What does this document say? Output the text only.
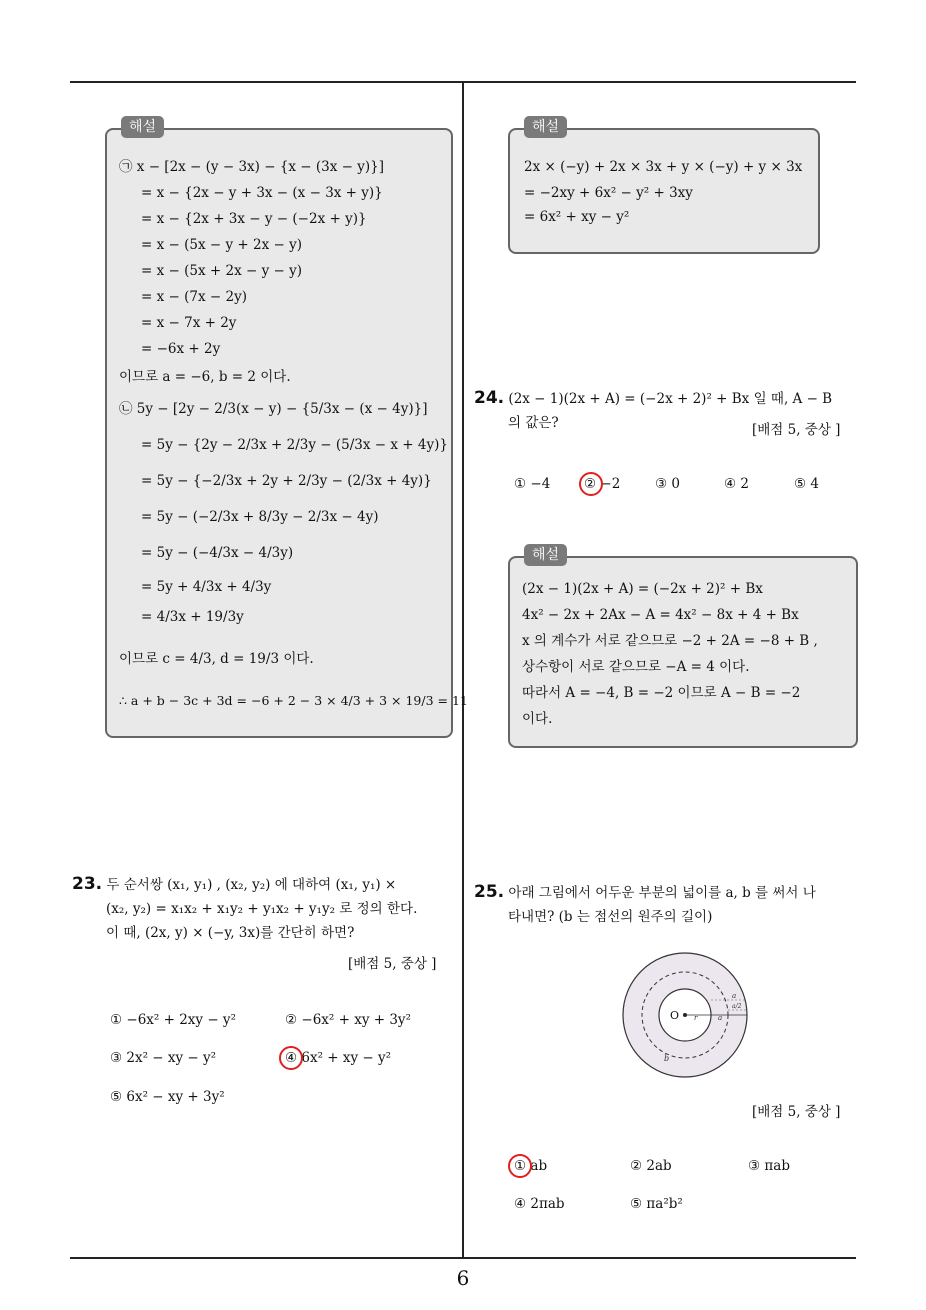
6
해설
㉠ x − [2x − (y − 3x) − {x − (3x − y)}]
= x − {2x − y + 3x − (x − 3x + y)}
= x − {2x + 3x − y − (−2x + y)}
= x − (5x − y + 2x − y)
= x − (5x + 2x − y − y)
= x − (7x − 2y)
= x − 7x + 2y
= −6x + 2y
이므로 a = −6, b = 2 이다.
㉡ 5y − [2y − 2/3(x − y) − {5/3x − (x − 4y)}]
= 5y − {2y − 2/3x + 2/3y − (5/3x − x + 4y)}
= 5y − {−2/3x + 2y + 2/3y − (2/3x + 4y)}
= 5y − (−2/3x + 8/3y − 2/3x − 4y)
= 5y − (−4/3x − 4/3y)
= 5y + 4/3x + 4/3y
= 4/3x + 19/3y
이므로 c = 4/3, d = 19/3 이다.
∴ a + b − 3c + 3d = −6 + 2 − 3 × 4/3 + 3 × 19/3 = 11
해설
2x × (−y) + 2x × 3x + y × (−y) + y × 3x
= −2xy + 6x² − y² + 3xy
= 6x² + xy − y²
24. (2x − 1)(2x + A) = (−2x + 2)² + Bx 일 때, A − B
의 값은?	[배점 5, 중상 ]
① −4 ② −2	③ 0	④ 2	⑤ 4
해설
(2x − 1)(2x + A) = (−2x + 2)² + Bx
4x² − 2x + 2Ax − A = 4x² − 8x + 4 + Bx
x 의 계수가 서로 같으므로 −2 + 2A = −8 + B ,
상수항이 서로 같으므로 −A = 4 이다.
따라서 A = −4, B = −2 이므로 A − B = −2
이다.
23. 두 순서쌍 (x₁, y₁) , (x₂, y₂) 에 대하여 (x₁, y₁) ×
(x₂, y₂) = x₁x₂ + x₁y₂ + y₁x₂ + y₁y₂ 로 정의 한다.
이 때, (2x, y) × (−y, 3x)를 간단히 하면?
[배점 5, 중상 ]
① −6x² + 2xy − y²	② −6x² + xy + 3y²
③ 2x² − xy − y²	④ 6x² + xy − y²
⑤ 6x² − xy + 3y²
25. 아래 그림에서 어두운 부분의 넓이를 a, b 를 써서 나
타내면? (b 는 점선의 원주의 길이)
O r	a
a
a/2
b
[배점 5, 중상 ]
① ab	② 2ab	③ πab
④ 2πab	⑤ πa²b²
